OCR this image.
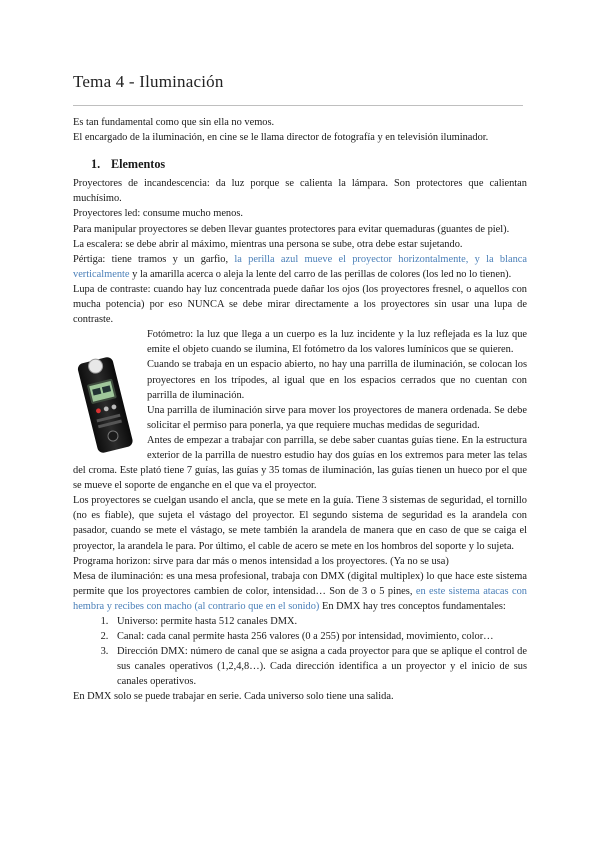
Tema 4 - Iluminación

Es tan fundamental como que sin ella no vemos.

El encargado de la iluminación, en cine se le llama director de fotografía y en televisión iluminador.

1. Elementos

Proyectores de incandescencia: da luz porque se calienta la lámpara. Son protectores que calientan muchísimo.

Proyectores led: consume mucho menos.

Para manipular proyectores se deben llevar guantes protectores para evitar quemaduras (guantes de piel).

La escalera: se debe abrir al máximo, mientras una persona se sube, otra debe estar sujetando.

Pértiga: tiene tramos y un garfio, la perilla azul mueve el proyector horizontalmente, y la blanca verticalmente y la amarilla acerca o aleja la lente del carro de las perillas de colores (los led no lo tienen).

Lupa de contraste: cuando hay luz concentrada puede dañar los ojos (los proyectores fresnel, o aquellos con mucha potencia) por eso NUNCA se debe mirar directamente a los proyectores sin usar una lupa de contraste.

Fotómetro: la luz que llega a un cuerpo es la luz incidente y la luz reflejada es la luz que emite el objeto cuando se ilumina, El fotómetro da los valores lumínicos que se quieren.

Cuando se trabaja en un espacio abierto, no hay una parrilla de iluminación, se colocan los proyectores en los trípodes, al igual que en los espacios cerrados que no cuentan con parrilla de iluminación.

Una parrilla de iluminación sirve para mover los proyectores de manera ordenada. Se debe solicitar el permiso para ponerla, ya que requiere muchas medidas de seguridad.

Antes de empezar a trabajar con parrilla, se debe saber cuantas guías tiene. En la estructura exterior de la parrilla de nuestro estudio hay dos guías en los extremos para meter las telas del croma. Este plató tiene 7 guías, las guías y 35 tomas de iluminación, las guías tienen un hueco por el que se mueve el soporte de enganche en el que va el proyector.

Los proyectores se cuelgan usando el ancla, que se mete en la guía. Tiene 3 sistemas de seguridad, el tornillo (no es fiable), que sujeta el vástago del proyector. El segundo sistema de seguridad es la arandela con pasador, cuando se mete el vástago, se mete también la arandela de manera que en caso de que se caiga el proyector, la arandela le para. Por último, el cable de acero se mete en los hombros del soporte y lo sujeta.

Programa horizon: sirve para dar más o menos intensidad a los proyectores. (Ya no se usa)

Mesa de iluminación: es una mesa profesional, trabaja con DMX (digital multiplex) lo que hace este sistema permite que los proyectores cambien de color, intensidad… Son de 3 o 5 pines, en este sistema atacas con hembra y recibes con macho (al contrario que en el sonido) En DMX hay tres conceptos fundamentales:

1. Universo: permite hasta 512 canales DMX.
2. Canal: cada canal permite hasta 256 valores (0 a 255) por intensidad, movimiento, color…
3. Dirección DMX: número de canal que se asigna a cada proyector para que se aplique el control de sus canales operativos (1,2,4,8…). Cada dirección identifica a un proyector y el inicio de sus canales operativos.

En DMX solo se puede trabajar en serie. Cada universo solo tiene una salida.
